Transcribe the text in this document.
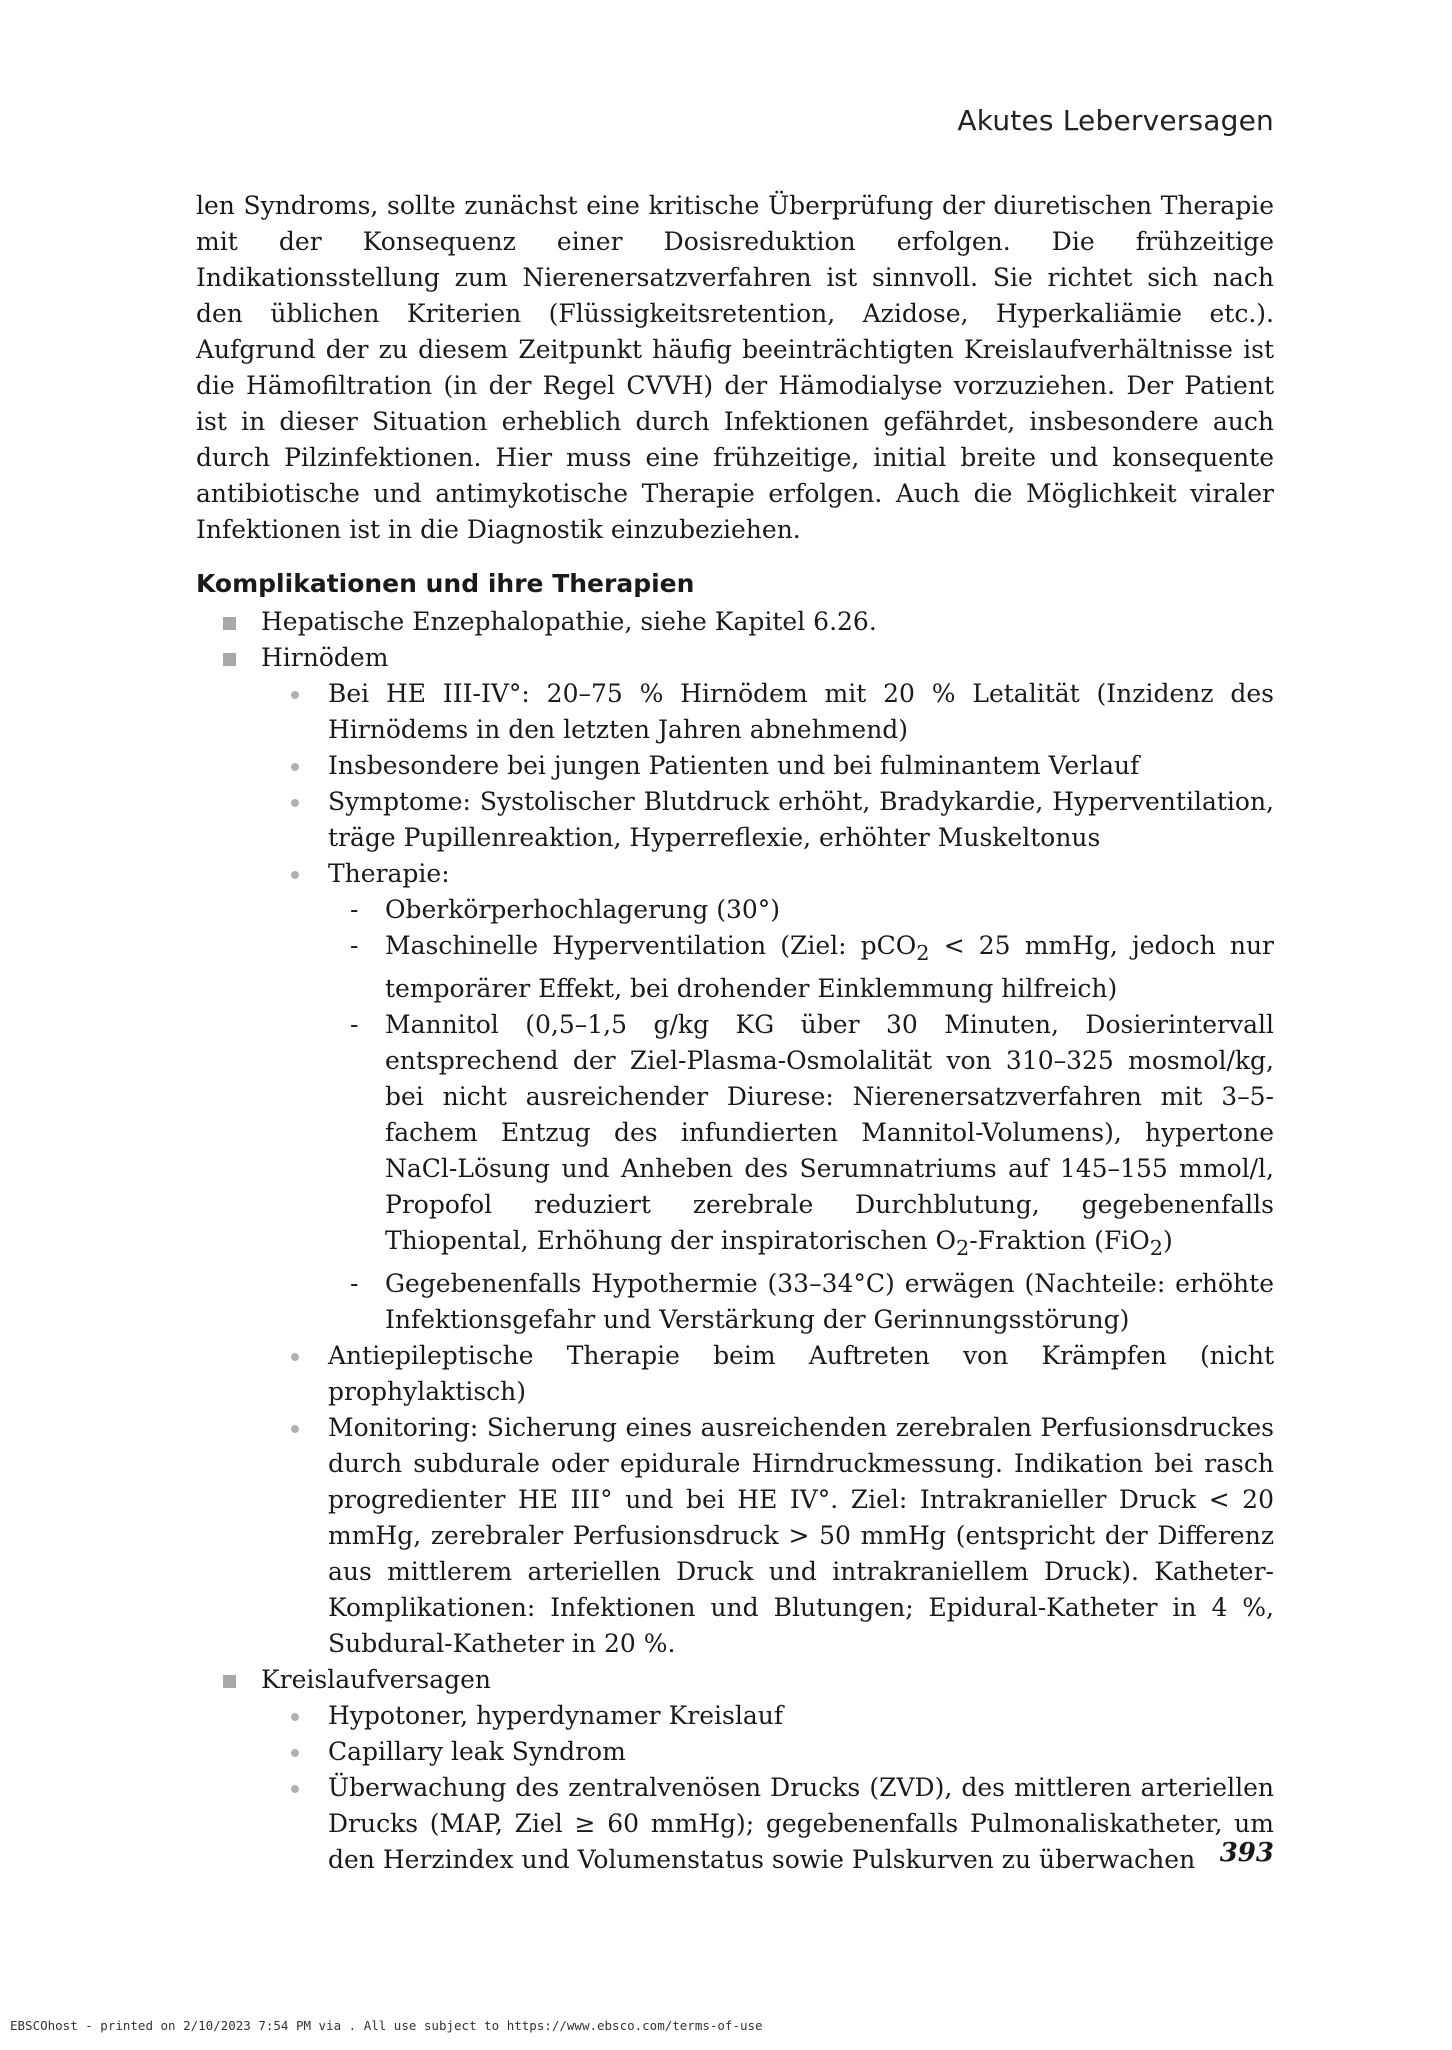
Akutes Leberversagen

len Syndroms, sollte zunächst eine kritische Überprüfung der diuretischen Therapie mit der Konsequenz einer Dosisreduktion erfolgen. Die frühzeitige Indikationsstellung zum Nierenersatzverfahren ist sinnvoll. Sie richtet sich nach den üblichen Kriterien (Flüssigkeitsretention, Azidose, Hyperkaliämie etc.). Aufgrund der zu diesem Zeitpunkt häufig beeinträchtigten Kreislaufverhältnisse ist die Hämofiltration (in der Regel CVVH) der Hämodialyse vorzuziehen. Der Patient ist in dieser Situation erheblich durch Infektionen gefährdet, insbesondere auch durch Pilzinfektionen. Hier muss eine frühzeitige, initial breite und konsequente antibiotische und antimykotische Therapie erfolgen. Auch die Möglichkeit viraler Infektionen ist in die Diagnostik einzubeziehen.

Komplikationen und ihre Therapien
Hepatische Enzephalopathie, siehe Kapitel 6.26.
Hirnödem
Bei HE III-IV°: 20–75 % Hirnödem mit 20 % Letalität (Inzidenz des Hirnödems in den letzten Jahren abnehmend)
Insbesondere bei jungen Patienten und bei fulminantem Verlauf
Symptome: Systolischer Blutdruck erhöht, Bradykardie, Hyperventilation, träge Pupillenreaktion, Hyperreflexie, erhöhter Muskeltonus
Therapie:
- Oberkörperhochlagerung (30°)
- Maschinelle Hyperventilation (Ziel: pCO$_2$ < 25 mmHg, jedoch nur temporärer Effekt, bei drohender Einklemmung hilfreich)
- Mannitol (0,5–1,5 g/kg KG über 30 Minuten, Dosierintervall entsprechend der Ziel-Plasma-Osmolalität von 310–325 mosmol/kg, bei nicht ausreichender Diurese: Nierenersatzverfahren mit 3–5-fachem Entzug des infundierten Mannitol-Volumens), hypertone NaCl-Lösung und Anheben des Serumnatriums auf 145–155 mmol/l, Propofol reduziert zerebrale Durchblutung, gegebenenfalls Thiopental, Erhöhung der inspiratorischen $O_2$-Fraktion (FiO$_2$)
- Gegebenenfalls Hypothermie (33–34°C) erwägen (Nachteile: erhöhte Infektionsgefahr und Verstärkung der Gerinnungsstörung)
Antiepileptische Therapie beim Auftreten von Krämpfen (nicht prophylaktisch)
Monitoring: Sicherung eines ausreichenden zerebralen Perfusionsdruckes durch subdurale oder epidurale Hirndruckmessung. Indikation bei rasch progredienter HE III° und bei HE IV°. Ziel: Intrakranieller Druck < 20 mmHg, zerebraler Perfusionsdruck > 50 mmHg (entspricht der Differenz aus mittlerem arteriellen Druck und intrakraniellem Druck). Katheter-Komplikationen: Infektionen und Blutungen; Epidural-Katheter in 4 %, Subdural-Katheter in 20 %.
Kreislaufversagen
Hypotoner, hyperdynamer Kreislauf
Capillary leak Syndrom
Überwachung des zentralvenösen Drucks (ZVD), des mittleren arteriellen Drucks (MAP, Ziel ≥ 60 mmHg); gegebenenfalls Pulmonaliskatheter, um den Herzindex und Volumenstatus sowie Pulskurven zu überwachen 393
EBSCOhost - printed on 2/10/2023 7:54 PM via . All use subject to https://www.ebsco.com/terms-of-use
